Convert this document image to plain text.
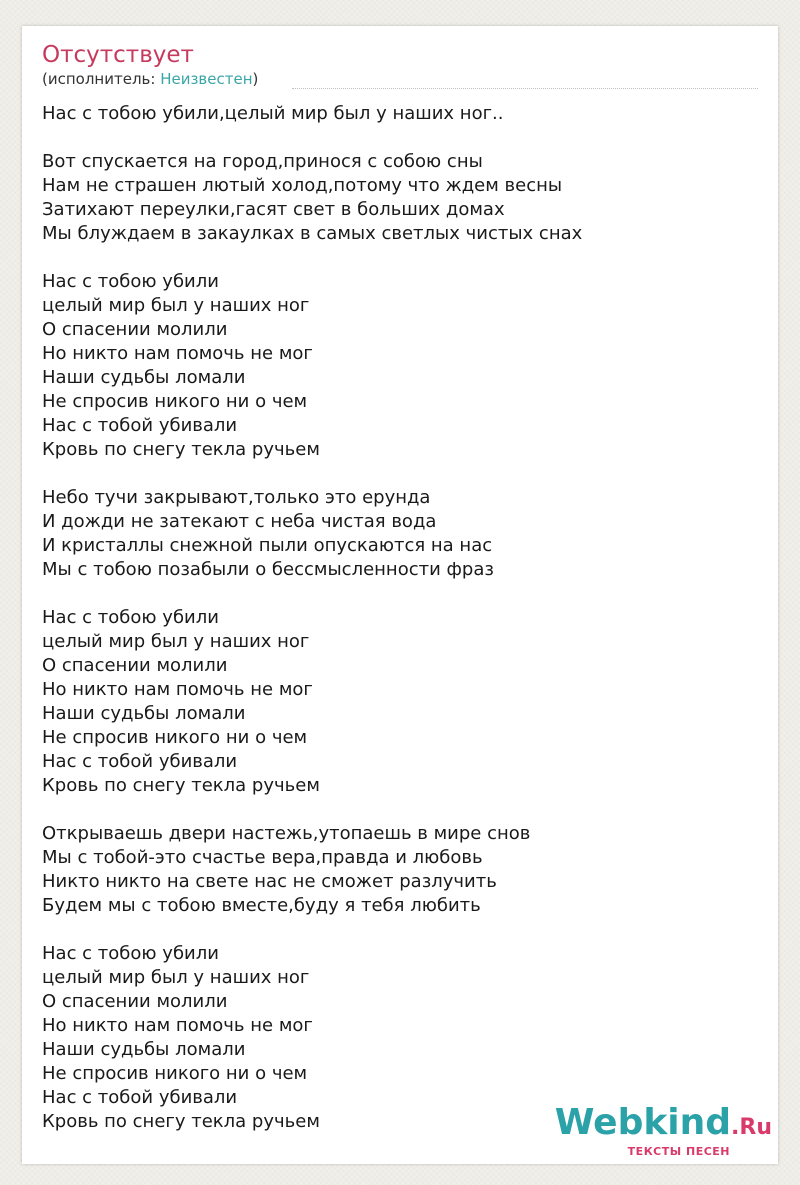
Отсутствует
(исполнитель: Неизвестен)
Нас с тобою убили,целый мир был у наших ног..
Вот спускается на город,принося с собою сны
Нам не страшен лютый холод,потому что ждем весны
Затихают переулки,гасят свет в больших домах
Мы блуждаем в закаулках в самых светлых чистых снах
Нас с тобою убили
целый мир был у наших ног
О спасении молили
Но никто нам помочь не мог
Наши судьбы ломали
Не спросив никого ни о чем
Нас с тобой убивали
Кровь по снегу текла ручьем
Небо тучи закрывают,только это ерунда
И дожди не затекают с неба чистая вода
И кристаллы снежной пыли опускаются на нас
Мы с тобою позабыли о бессмысленности фраз
Нас с тобою убили
целый мир был у наших ног
О спасении молили
Но никто нам помочь не мог
Наши судьбы ломали
Не спросив никого ни о чем
Нас с тобой убивали
Кровь по снегу текла ручьем
Открываешь двери настежь,утопаешь в мире снов
Мы с тобой-это счастье вера,правда и любовь
Никто никто на свете нас не сможет разлучить
Будем мы с тобою вместе,буду я тебя любить
Нас с тобою убили
целый мир был у наших ног
О спасении молили
Но никто нам помочь не мог
Наши судьбы ломали
Не спросив никого ни о чем
Нас с тобой убивали
Кровь по снегу текла ручьем	Webkind.Ru
ТЕКСТЫ ПЕСЕН
